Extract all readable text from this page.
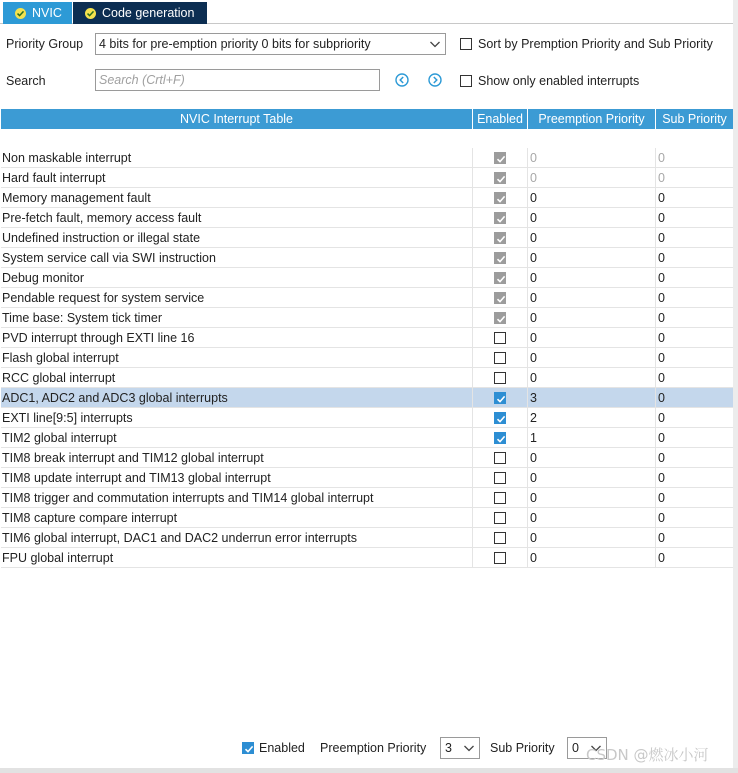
NVIC	Code generation
Priority Group 4 bits for pre-emption priority 0 bits for subpriority	Sort by Premption Priority and Sub Priority
Search
Search (Crtl+F)	Show only enabled interrupts
NVIC Interrupt Table	Enabled	Preemption Priority	Sub Priority
Non maskable interrupt	0	0
Hard fault interrupt	0	0
Memory management fault	0	0
Pre-fetch fault, memory access fault	0	0
Undefined instruction or illegal state	0	0
System service call via SWI instruction	0	0
Debug monitor	0	0
Pendable request for system service	0	0
Time base: System tick timer	0	0
PVD interrupt through EXTI line 16	0	0
Flash global interrupt	0	0
RCC global interrupt	0	0
ADC1, ADC2 and ADC3 global interrupts	3	0
EXTI line[9:5] interrupts	2	0
TIM2 global interrupt	1	0
TIM8 break interrupt and TIM12 global interrupt	0	0
TIM8 update interrupt and TIM13 global interrupt	0	0
TIM8 trigger and commutation interrupts and TIM14 global interrupt	0	0
TIM8 capture compare interrupt	0	0
TIM6 global interrupt, DAC1 and DAC2 underrun error interrupts	0	0
FPU global interrupt	0	0
Enabled Preemption Priority 3	Sub Priority 0 CSDN @燃冰小河
